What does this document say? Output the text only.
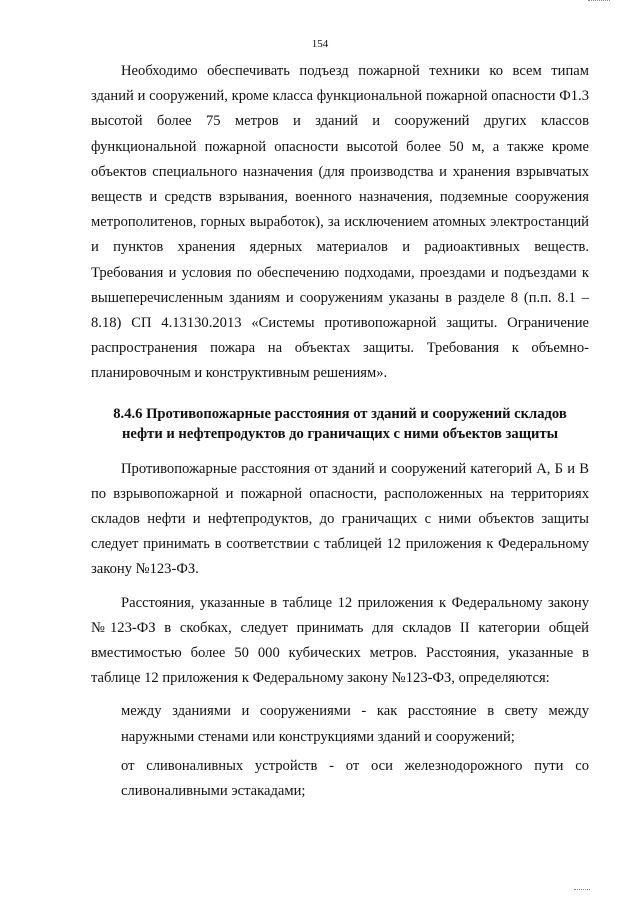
154

Необходимо обеспечивать подъезд пожарной техники ко всем типам зданий и сооружений, кроме класса функциональной пожарной опасности Ф1.3 высотой более 75 метров и зданий и сооружений других классов функциональной пожарной опасности высотой более 50 м, а также кроме объектов специального назначения (для производства и хранения взрывчатых веществ и средств взрывания, военного назначения, подземные сооружения метрополитенов, горных выработок), за исключением атомных электростанций и пунктов хранения ядерных материалов и радиоактивных веществ. Требования и условия по обеспечению подходами, проездами и подъездами к вышеперечисленным зданиям и сооружениям указаны в разделе 8 (п.п. 8.1 – 8.18) СП 4.13130.2013 «Системы противопожарной защиты. Ограничение распространения пожара на объектах защиты. Требования к объемно-планировочным и конструктивным решениям».

8.4.6 Противопожарные расстояния от зданий и сооружений складов
нефти и нефтепродуктов до граничащих с ними объектов защиты

Противопожарные расстояния от зданий и сооружений категорий А, Б и В по взрывопожарной и пожарной опасности, расположенных на территориях складов нефти и нефтепродуктов, до граничащих с ними объектов защиты следует принимать в соответствии с таблицей 12 приложения к Федеральному закону №123-ФЗ.

Расстояния, указанные в таблице 12 приложения к Федеральному закону №123-ФЗ в скобках, следует принимать для складов II категории общей вместимостью более 50 000 кубических метров. Расстояния, указанные в таблице 12 приложения к Федеральному закону №123-ФЗ, определяются:

между зданиями и сооружениями - как расстояние в свету между наружными стенами или конструкциями зданий и сооружений;

от сливоналивных устройств - от оси железнодорожного пути со сливоналивными эстакадами;
